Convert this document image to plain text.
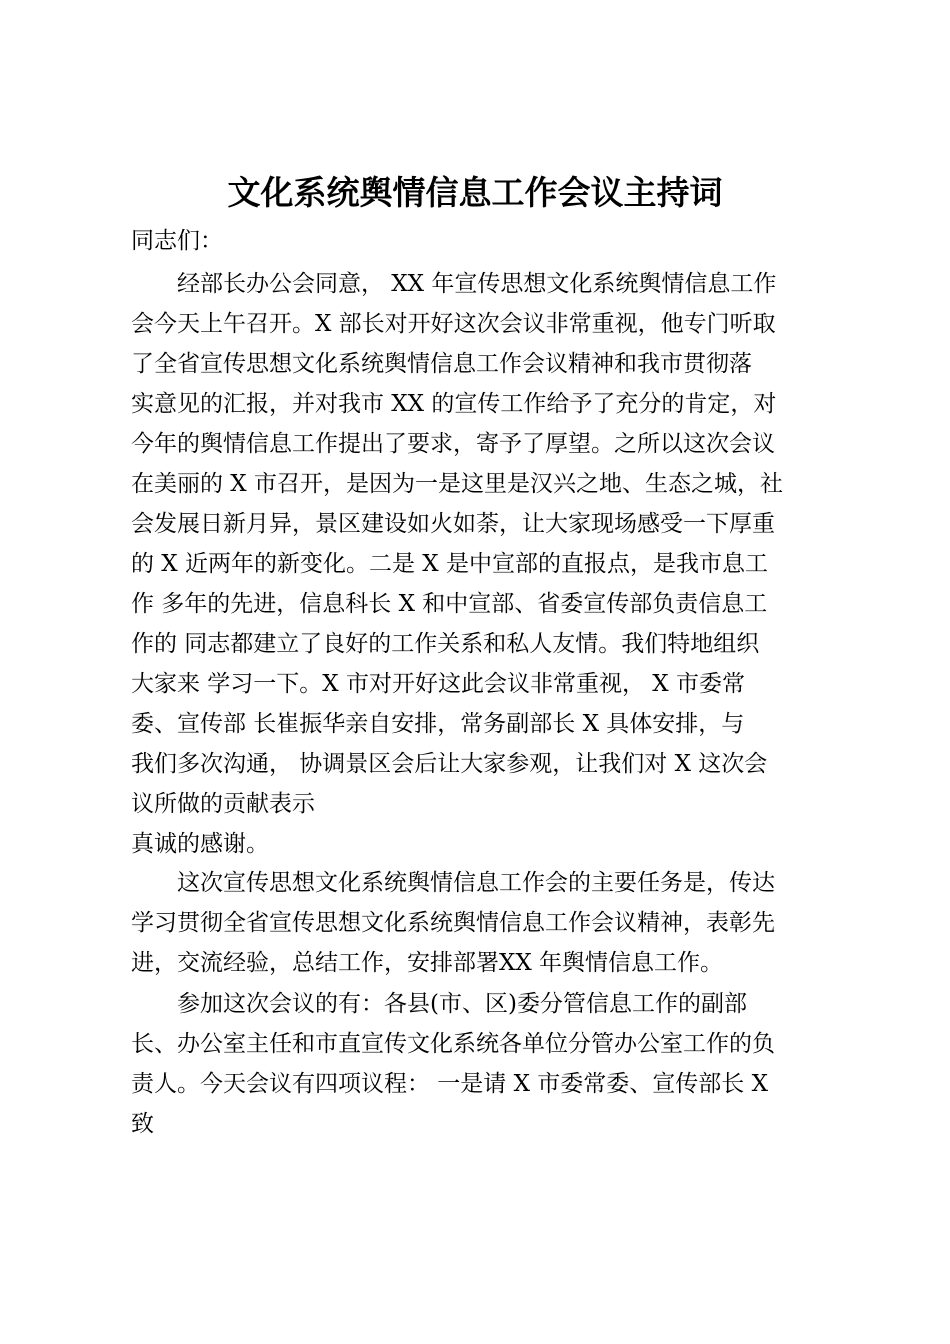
文化系统舆情信息工作会议主持词

同志们：

　　经部长办公会同意， XX 年宣传思想文化系统舆情信息工作
会今天上午召开。X 部长对开好这次会议非常重视，他专门听取
了全省宣传思想文化系统舆情信息工作会议精神和我市贯彻落
实意见的汇报，并对我市 XX 的宣传工作给予了充分的肯定，对
今年的舆情信息工作提出了要求，寄予了厚望。之所以这次会议
在美丽的 X 市召开，是因为一是这里是汉兴之地、生态之城，社
会发展日新月异，景区建设如火如荼，让大家现场感受一下厚重
的 X 近两年的新变化。二是 X 是中宣部的直报点，是我市息工
作 多年的先进，信息科长 X 和中宣部、省委宣传部负责信息工
作的 同志都建立了良好的工作关系和私人友情。我们特地组织
大家来 学习一下。X 市对开好这此会议非常重视， X 市委常
委、宣传部 长崔振华亲自安排，常务副部长 X 具体安排，与
我们多次沟通， 协调景区会后让大家参观，让我们对 X 这次会
议所做的贡献表示
真诚的感谢。

　　这次宣传思想文化系统舆情信息工作会的主要任务是，传达
学习贯彻全省宣传思想文化系统舆情信息工作会议精神，表彰先
进，交流经验，总结工作，安排部署XX 年舆情信息工作。

　　参加这次会议的有：各县(市、区)委分管信息工作的副部
长、办公室主任和市直宣传文化系统各单位分管办公室工作的负
责人。今天会议有四项议程： 一是请 X 市委常委、宣传部长 X
致
